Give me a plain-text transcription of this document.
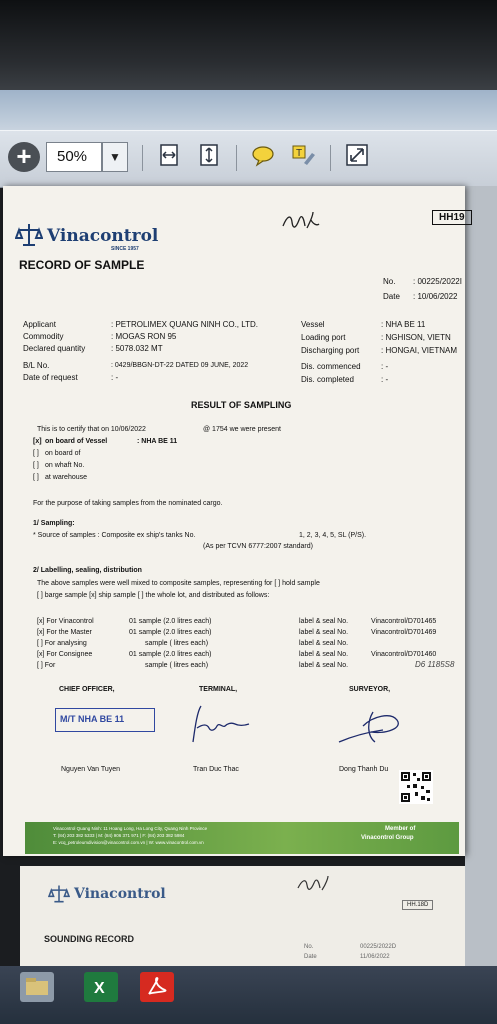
+	50%	▼	T
HH19
Vinacontrol
SINCE 1957
RECORD OF SAMPLE
No. : 00225/2022I
Date : 10/06/2022
Applicant	: PETROLIMEX QUANG NINH CO., LTD.
Commodity	: MOGAS RON 95
Declared quantity	: 5078.032 MT
B/L No.	: 0429/BBGN-DT-22 DATED 09 JUNE, 2022
Date of request	: -
Vessel	: NHA BE 11
Loading port	: NGHISON, VIETN
Discharging port	: HONGAI, VIETNAM
Dis. commenced	: -
Dis. completed	: -
RESULT OF SAMPLING
This is to certify that on 10/06/2022	@ 1754 we were present
[x] on board of Vessel	: NHA BE 11
[ ] on board of
[ ] on whaft No.
[ ] at warehouse
For the purpose of taking samples from the nominated cargo.
1/ Sampling:
* Source of samples : Composite ex ship's tanks No.	1, 2, 3, 4, 5, SL (P/S).
(As per TCVN 6777:2007 standard)
2/ Labelling, sealing, distribution
The above samples were well mixed to composite samples, representing for [ ] hold sample
[ ] barge sample [x] ship sample [ ] the whole lot, and distributed as follows:
[x] For Vinacontrol	01 sample (2.0 litres each)	label & seal No.	Vinacontrol/D701465
[x] For the Master	01 sample (2.0 litres each)	label & seal No.	Vinacontrol/D701469
[ ] For analysing	sample ( litres each)	label & seal No.
[x] For Consignee	01 sample (2.0 litres each)	label & seal No.	Vinacontrol/D701460
[ ] For	sample ( litres each)	label & seal No.	D6 1185S8
CHIEF OFFICER,	TERMINAL,	SURVEYOR,
M/T NHA BE 11
Nguyen Van Tuyen	Tran Duc Thac	Dong Thanh Du
Vinacontrol Quang Ninh: 11 Hoang Long, Ha Long City, Quang Ninh Province
T: (84) 203 382 5333 | M: (84) 906 371 971 | F: (84) 203 382 5984
E: vcq_petroleumdivision@vinacontrol.com.vn | W: www.vinacontrol.com.vn
Member of
Vinacontrol Group
Vinacontrol
HH.18D
SOUNDING RECORD
No.	00225/2022D
Date	11/06/2022
X
